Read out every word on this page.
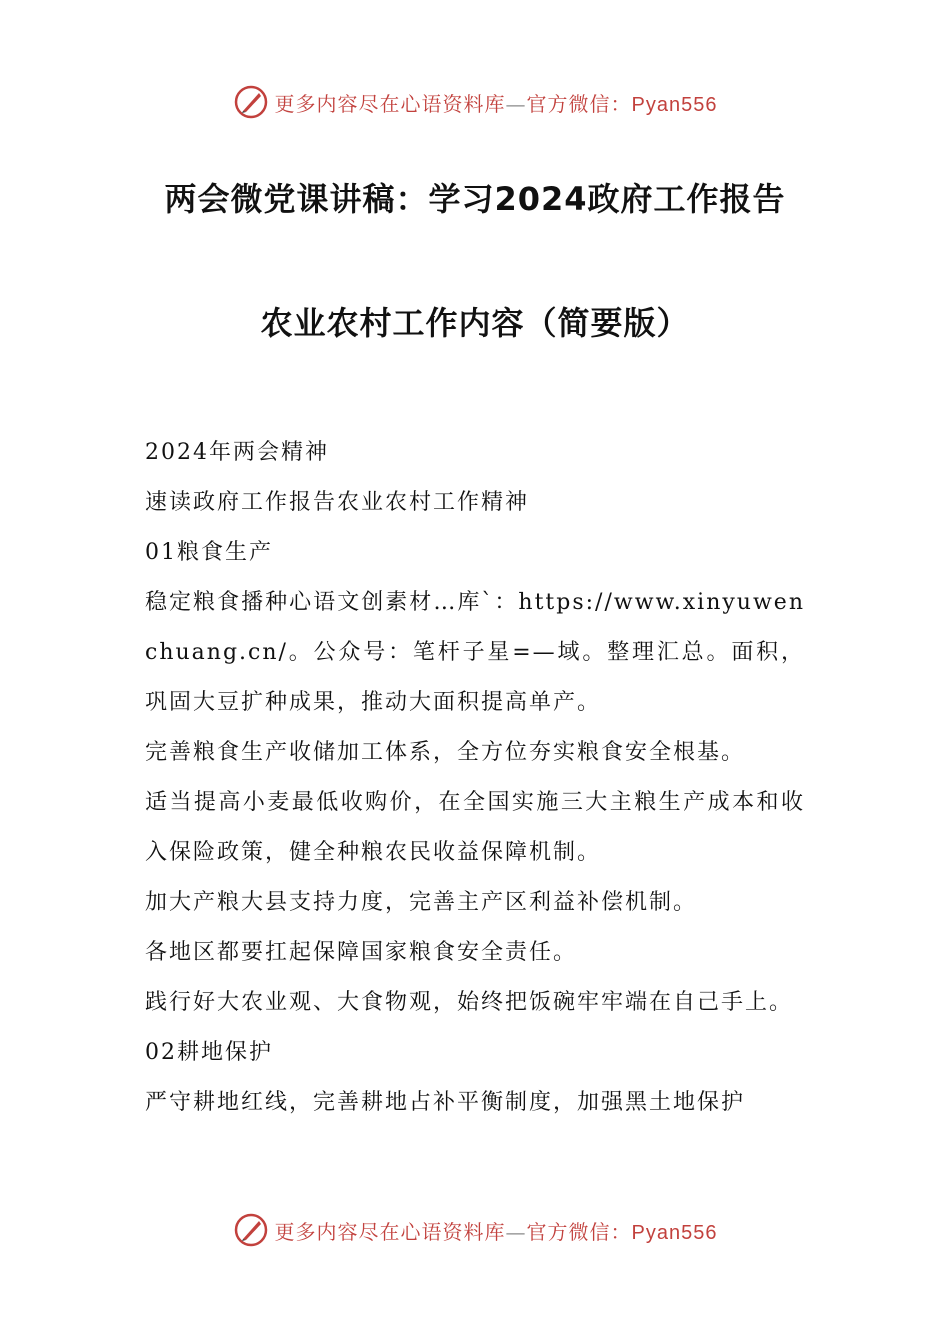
更多内容尽在心语资料库—官方微信：Pyan556
两会微党课讲稿：学习2024政府工作报告
农业农村工作内容（简要版）

2024年两会精神

速读政府工作报告农业农村工作精神

01粮食生产

稳定粮食播种心语文创素材…库`：https://www.xinyuwenchuang.cn/。公众号：笔杆子星=—域。整理汇总。面积，巩固大豆扩种成果，推动大面积提高单产。

完善粮食生产收储加工体系，全方位夯实粮食安全根基。

适当提高小麦最低收购价，在全国实施三大主粮生产成本和收入保险政策，健全种粮农民收益保障机制。

加大产粮大县支持力度，完善主产区利益补偿机制。

各地区都要扛起保障国家粮食安全责任。

践行好大农业观、大食物观，始终把饭碗牢牢端在自己手上。

02耕地保护

严守耕地红线，完善耕地占补平衡制度，加强黑土地保护

更多内容尽在心语资料库—官方微信：Pyan556
